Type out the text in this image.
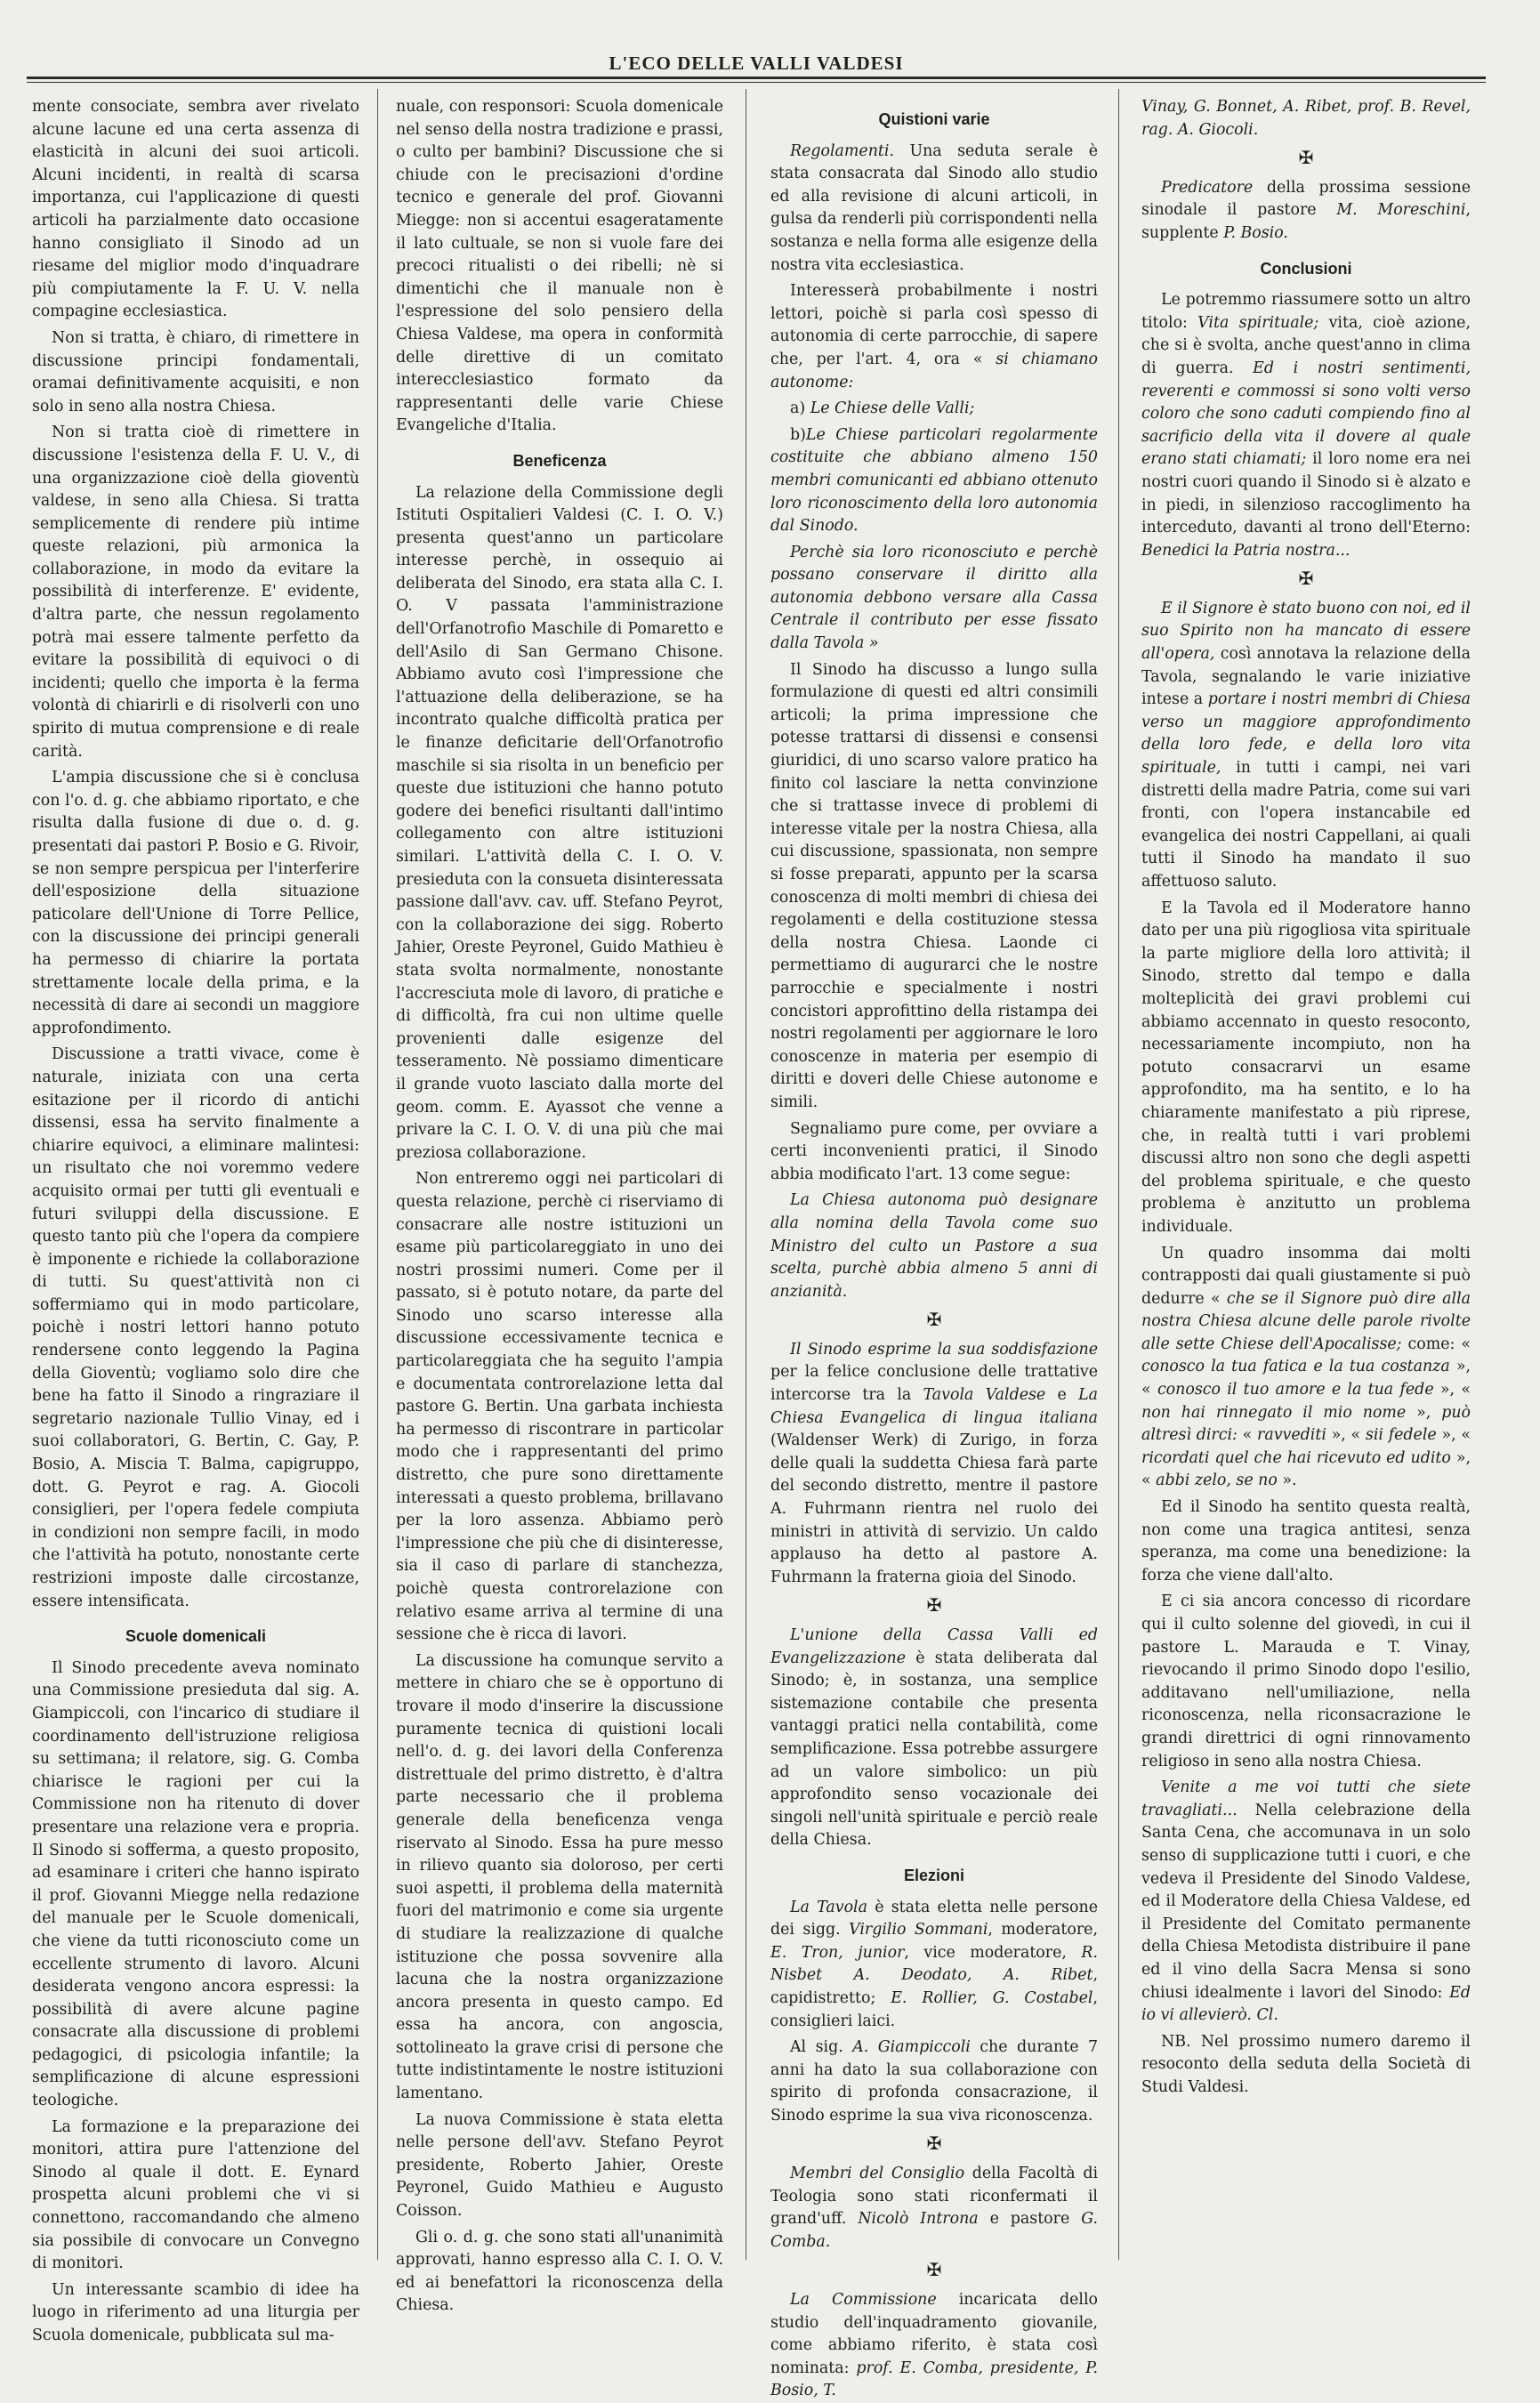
L'ECO DELLE VALLI VALDESI

mente consociate, sembra aver rivelato alcune lacune ed una certa assenza di elasticità in alcuni dei suoi articoli. Alcuni incidenti, in realtà di scarsa importanza, cui l'applicazione di questi articoli ha parzialmente dato occasione hanno consigliato il Sinodo ad un riesame del miglior modo d'inquadrare più compiutamente la F. U. V. nella compagine ecclesiastica.

Non si tratta, è chiaro, di rimettere in discussione principi fondamentali, oramai definitivamente acquisiti, e non solo in seno alla nostra Chiesa.

Non si tratta cioè di rimettere in discussione l'esistenza della F. U. V., di una organizzazione cioè della gioventù valdese, in seno alla Chiesa. Si tratta semplicemente di rendere più intime queste relazioni, più armonica la collaborazione, in modo da evitare la possibilità di interferenze. E' evidente, d'altra parte, che nessun regolamento potrà mai essere talmente perfetto da evitare la possibilità di equivoci o di incidenti; quello che importa è la ferma volontà di chiarirli e di risolverli con uno spirito di mutua comprensione e di reale carità.

L'ampia discussione che si è conclusa con l'o. d. g. che abbiamo riportato, e che risulta dalla fusione di due o. d. g. presentati dai pastori P. Bosio e G. Rivoir, se non sempre perspicua per l'interferire dell'esposizione della situazione paticolare dell'Unione di Torre Pellice, con la discussione dei principi generali ha permesso di chiarire la portata strettamente locale della prima, e la necessità di dare ai secondi un maggiore approfondimento.

Discussione a tratti vivace, come è naturale, iniziata con una certa esitazione per il ricordo di antichi dissensi, essa ha servito finalmente a chiarire equivoci, a eliminare malintesi: un risultato che noi voremmo vedere acquisito ormai per tutti gli eventuali e futuri sviluppi della discussione. E questo tanto più che l'opera da compiere è imponente e richiede la collaborazione di tutti. Su quest'attività non ci soffermiamo qui in modo particolare, poichè i nostri lettori hanno potuto rendersene conto leggendo la Pagina della Gioventù; vogliamo solo dire che bene ha fatto il Sinodo a ringraziare il segretario nazionale Tullio Vinay, ed i suoi collaboratori, G. Bertin, C. Gay, P. Bosio, A. Miscia T. Balma, capigruppo, dott. G. Peyrot e rag. A. Giocoli consiglieri, per l'opera fedele compiuta in condizioni non sempre facili, in modo che l'attività ha potuto, nonostante certe restrizioni imposte dalle circostanze, essere intensificata.

Scuole domenicali

Il Sinodo precedente aveva nominato una Commissione presieduta dal sig. A. Giampiccoli, con l'incarico di studiare il coordinamento dell'istruzione religiosa su settimana; il relatore, sig. G. Comba chiarisce le ragioni per cui la Commissione non ha ritenuto di dover presentare una relazione vera e propria. Il Sinodo si sofferma, a questo proposito, ad esaminare i criteri che hanno ispirato il prof. Giovanni Miegge nella redazione del manuale per le Scuole domenicali, che viene da tutti riconosciuto come un eccellente strumento di lavoro. Alcuni desiderata vengono ancora espressi: la possibilità di avere alcune pagine consacrate alla discussione di problemi pedagogici, di psicologia infantile; la semplificazione di alcune espressioni teologiche.

La formazione e la preparazione dei monitori, attira pure l'attenzione del Sinodo al quale il dott. E. Eynard prospetta alcuni problemi che vi si connettono, raccomandando che almeno sia possibile di convocare un Convegno di monitori.

Un interessante scambio di idee ha luogo in riferimento ad una liturgia per Scuola domenicale, pubblicata sul ma-

nuale, con responsori: Scuola domenicale nel senso della nostra tradizione e prassi, o culto per bambini? Discussione che si chiude con le precisazioni d'ordine tecnico e generale del prof. Giovanni Miegge: non si accentui esageratamente il lato cultuale, se non si vuole fare dei precoci ritualisti o dei ribelli; nè si dimentichi che il manuale non è l'espressione del solo pensiero della Chiesa Valdese, ma opera in conformità delle direttive di un comitato interecclesiastico formato da rappresentanti delle varie Chiese Evangeliche d'Italia.

Beneficenza

La relazione della Commissione degli Istituti Ospitalieri Valdesi (C. I. O. V.) presenta quest'anno un particolare interesse perchè, in ossequio ai deliberata del Sinodo, era stata alla C. I. O. V passata l'amministrazione dell'Orfanotrofio Maschile di Pomaretto e dell'Asilo di San Germano Chisone. Abbiamo avuto così l'impressione che l'attuazione della deliberazione, se ha incontrato qualche difficoltà pratica per le finanze deficitarie dell'Orfanotrofio maschile si sia risolta in un beneficio per queste due istituzioni che hanno potuto godere dei benefici risultanti dall'intimo collegamento con altre istituzioni similari. L'attività della C. I. O. V. presieduta con la consueta disinteressata passione dall'avv. cav. uff. Stefano Peyrot, con la collaborazione dei sigg. Roberto Jahier, Oreste Peyronel, Guido Mathieu è stata svolta normalmente, nonostante l'accresciuta mole di lavoro, di pratiche e di difficoltà, fra cui non ultime quelle provenienti dalle esigenze del tesseramento. Nè possiamo dimenticare il grande vuoto lasciato dalla morte del geom. comm. E. Ayassot che venne a privare la C. I. O. V. di una più che mai preziosa collaborazione.

Non entreremo oggi nei particolari di questa relazione, perchè ci riserviamo di consacrare alle nostre istituzioni un esame più particolareggiato in uno dei nostri prossimi numeri. Come per il passato, si è potuto notare, da parte del Sinodo uno scarso interesse alla discussione eccessivamente tecnica e particolareggiata che ha seguito l'ampia e documentata controrelazione letta dal pastore G. Bertin. Una garbata inchiesta ha permesso di riscontrare in particolar modo che i rappresentanti del primo distretto, che pure sono direttamente interessati a questo problema, brillavano per la loro assenza. Abbiamo però l'impressione che più che di disinteresse, sia il caso di parlare di stanchezza, poichè questa controrelazione con relativo esame arriva al termine di una sessione che è ricca di lavori.

La discussione ha comunque servito a mettere in chiaro che se è opportuno di trovare il modo d'inserire la discussione puramente tecnica di quistioni locali nell'o. d. g. dei lavori della Conferenza distrettuale del primo distretto, è d'altra parte necessario che il problema generale della beneficenza venga riservato al Sinodo. Essa ha pure messo in rilievo quanto sia doloroso, per certi suoi aspetti, il problema della maternità fuori del matrimonio e come sia urgente di studiare la realizzazione di qualche istituzione che possa sovvenire alla lacuna che la nostra organizzazione ancora presenta in questo campo. Ed essa ha ancora, con angoscia, sottolineato la grave crisi di persone che tutte indistintamente le nostre istituzioni lamentano.

La nuova Commissione è stata eletta nelle persone dell'avv. Stefano Peyrot presidente, Roberto Jahier, Oreste Peyronel, Guido Mathieu e Augusto Coisson.

Gli o. d. g. che sono stati all'unanimità approvati, hanno espresso alla C. I. O. V. ed ai benefattori la riconoscenza della Chiesa.

Quistioni varie

Regolamenti. Una seduta serale è stata consacrata dal Sinodo allo studio ed alla revisione di alcuni articoli, in gulsa da renderli più corrispondenti nella sostanza e nella forma alle esigenze della nostra vita ecclesiastica.

Interesserà probabilmente i nostri lettori, poichè si parla così spesso di autonomia di certe parrocchie, di sapere che, per l'art. 4, ora « si chiamano autonome:

a) Le Chiese delle Valli;

b)Le Chiese particolari regolarmente costituite che abbiano almeno 150 membri comunicanti ed abbiano ottenuto loro riconoscimento della loro autonomia dal Sinodo.

Perchè sia loro riconosciuto e perchè possano conservare il diritto alla autonomia debbono versare alla Cassa Centrale il contributo per esse fissato dalla Tavola »

Il Sinodo ha discusso a lungo sulla formulazione di questi ed altri consimili articoli; la prima impressione che potesse trattarsi di dissensi e consensi giuridici, di uno scarso valore pratico ha finito col lasciare la netta convinzione che si trattasse invece di problemi di interesse vitale per la nostra Chiesa, alla cui discussione, spassionata, non sempre si fosse preparati, appunto per la scarsa conoscenza di molti membri di chiesa dei regolamenti e della costituzione stessa della nostra Chiesa. Laonde ci permettiamo di augurarci che le nostre parrocchie e specialmente i nostri concistori approfittino della ristampa dei nostri regolamenti per aggiornare le loro conoscenze in materia per esempio di diritti e doveri delle Chiese autonome e simili.

Segnaliamo pure come, per ovviare a certi inconvenienti pratici, il Sinodo abbia modificato l'art. 13 come segue:

La Chiesa autonoma può designare alla nomina della Tavola come suo Ministro del culto un Pastore a sua scelta, purchè abbia almeno 5 anni di anzianità.

✠

Il Sinodo esprime la sua soddisfazione per la felice conclusione delle trattative intercorse tra la Tavola Valdese e La Chiesa Evangelica di lingua italiana (Waldenser Werk) di Zurigo, in forza delle quali la suddetta Chiesa farà parte del secondo distretto, mentre il pastore A. Fuhrmann rientra nel ruolo dei ministri in attività di servizio. Un caldo applauso ha detto al pastore A. Fuhrmann la fraterna gioia del Sinodo.

✠

L'unione della Cassa Valli ed Evangelizzazione è stata deliberata dal Sinodo; è, in sostanza, una semplice sistemazione contabile che presenta vantaggi pratici nella contabilità, come semplificazione. Essa potrebbe assurgere ad un valore simbolico: un più approfondito senso vocazionale dei singoli nell'unità spirituale e perciò reale della Chiesa.

Elezioni

La Tavola è stata eletta nelle persone dei sigg. Virgilio Sommani, moderatore, E. Tron, junior, vice moderatore, R. Nisbet A. Deodato, A. Ribet, capidistretto; E. Rollier, G. Costabel, consiglieri laici.

Al sig. A. Giampiccoli che durante 7 anni ha dato la sua collaborazione con spirito di profonda consacrazione, il Sinodo esprime la sua viva riconoscenza.

✠

Membri del Consiglio della Facoltà di Teologia sono stati riconfermati il grand'uff. Nicolò Introna e pastore G. Comba.

✠

La Commissione incaricata dello studio dell'inquadramento giovanile, come abbiamo riferito, è stata così nominata: prof. E. Comba, presidente, P. Bosio, T.

Vinay, G. Bonnet, A. Ribet, prof. B. Revel, rag. A. Giocoli.

✠

Predicatore della prossima sessione sinodale il pastore M. Moreschini, supplente P. Bosio.

Conclusioni

Le potremmo riassumere sotto un altro titolo: Vita spirituale; vita, cioè azione, che si è svolta, anche quest'anno in clima di guerra. Ed i nostri sentimenti, reverenti e commossi si sono volti verso coloro che sono caduti compiendo fino al sacrificio della vita il dovere al quale erano stati chiamati; il loro nome era nei nostri cuori quando il Sinodo si è alzato e in piedi, in silenzioso raccoglimento ha interceduto, davanti al trono dell'Eterno: Benedici la Patria nostra...

✠

E il Signore è stato buono con noi, ed il suo Spirito non ha mancato di essere all'opera, così annotava la relazione della Tavola, segnalando le varie iniziative intese a portare i nostri membri di Chiesa verso un maggiore approfondimento della loro fede, e della loro vita spirituale, in tutti i campi, nei vari distretti della madre Patria, come sui vari fronti, con l'opera instancabile ed evangelica dei nostri Cappellani, ai quali tutti il Sinodo ha mandato il suo affettuoso saluto.

E la Tavola ed il Moderatore hanno dato per una più rigogliosa vita spirituale la parte migliore della loro attività; il Sinodo, stretto dal tempo e dalla molteplicità dei gravi problemi cui abbiamo accennato in questo resoconto, necessariamente incompiuto, non ha potuto consacrarvi un esame approfondito, ma ha sentito, e lo ha chiaramente manifestato a più riprese, che, in realtà tutti i vari problemi discussi altro non sono che degli aspetti del problema spirituale, e che questo problema è anzitutto un problema individuale.

Un quadro insomma dai molti contrapposti dai quali giustamente si può dedurre « che se il Signore può dire alla nostra Chiesa alcune delle parole rivolte alle sette Chiese dell'Apocalisse; come: « conosco la tua fatica e la tua costanza », « conosco il tuo amore e la tua fede », « non hai rinnegato il mio nome », può altresì dirci: « ravvediti », « sii fedele », « ricordati quel che hai ricevuto ed udito », « abbi zelo, se no ».

Ed il Sinodo ha sentito questa realtà, non come una tragica antitesi, senza speranza, ma come una benedizione: la forza che viene dall'alto.

E ci sia ancora concesso di ricordare qui il culto solenne del giovedì, in cui il pastore L. Marauda e T. Vinay, rievocando il primo Sinodo dopo l'esilio, additavano nell'umiliazione, nella riconoscenza, nella riconsacrazione le grandi direttrici di ogni rinnovamento religioso in seno alla nostra Chiesa.

Venite a me voi tutti che siete travagliati... Nella celebrazione della Santa Cena, che accomunava in un solo senso di supplicazione tutti i cuori, e che vedeva il Presidente del Sinodo Valdese, ed il Moderatore della Chiesa Valdese, ed il Presidente del Comitato permanente della Chiesa Metodista distribuire il pane ed il vino della Sacra Mensa si sono chiusi idealmente i lavori del Sinodo: Ed io vi allevierò. Cl.

NB. Nel prossimo numero daremo il resoconto della seduta della Società di Studi Valdesi.
